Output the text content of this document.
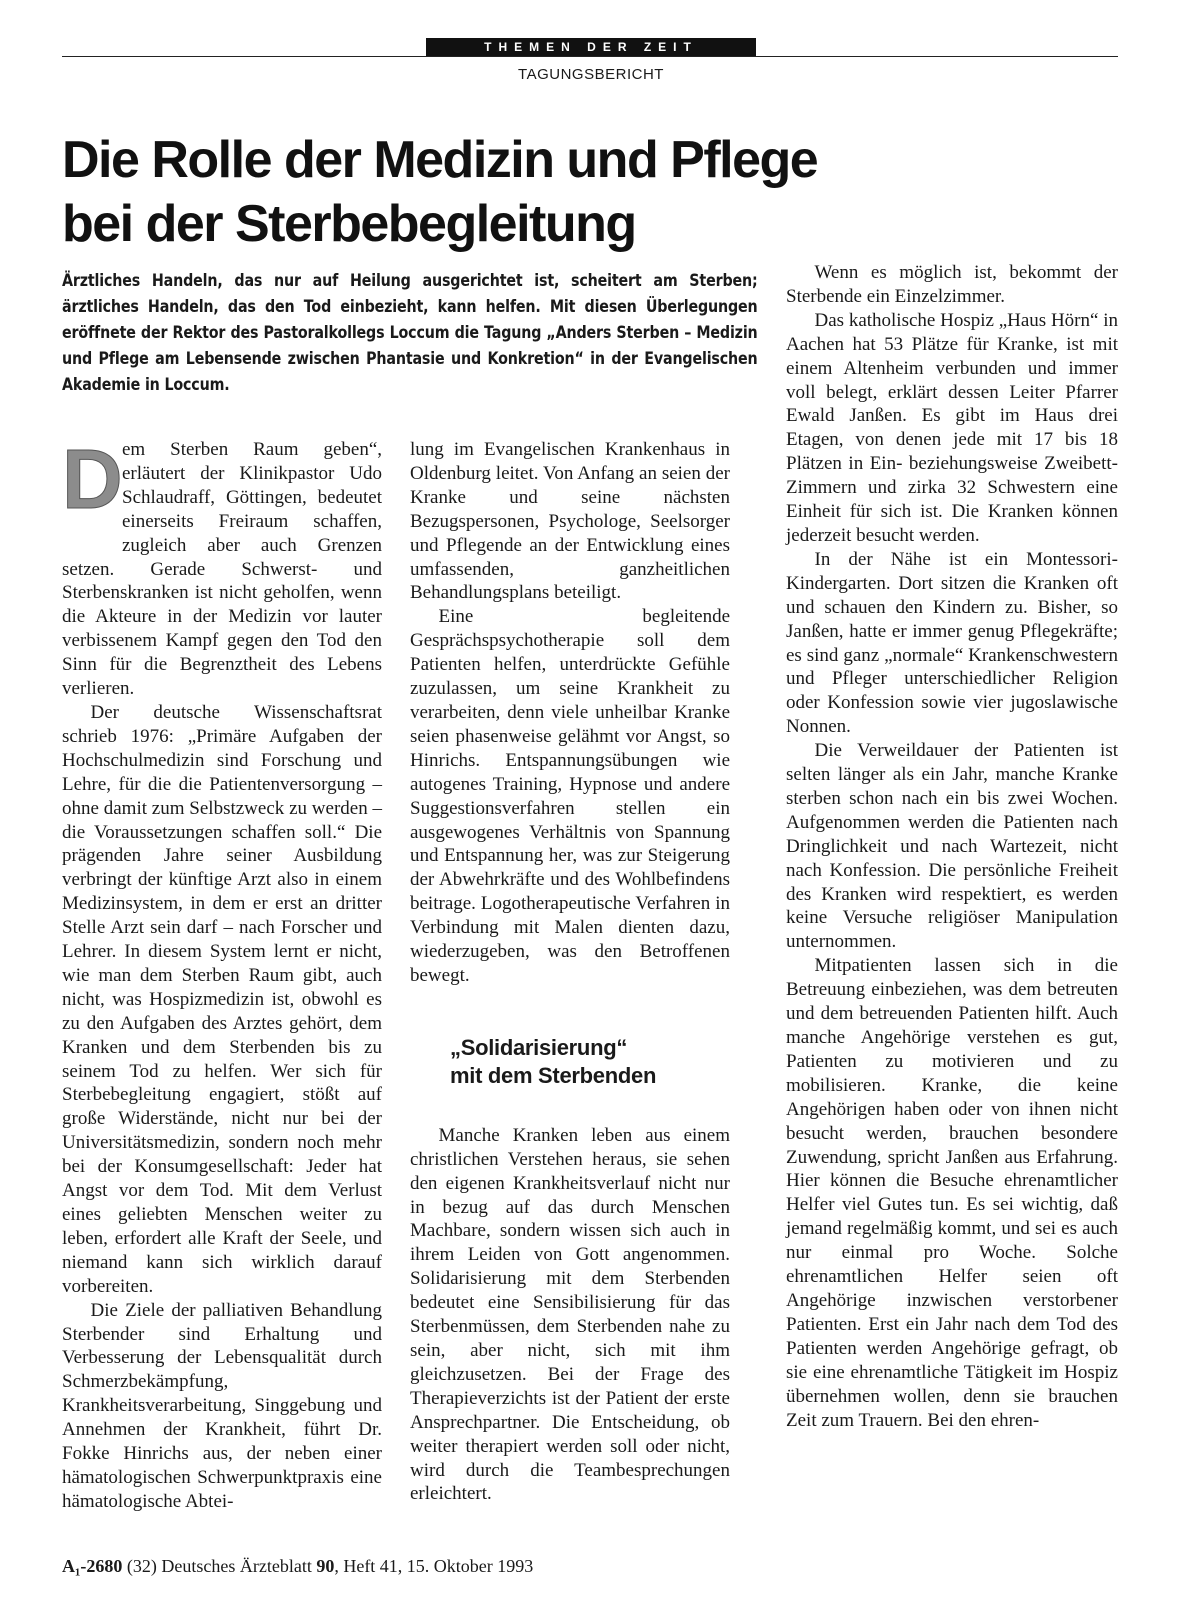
THEMEN DER ZEIT
TAGUNGSBERICHT
Die Rolle der Medizin und Pflege
bei der Sterbebegleitung

Ärztliches Handeln, das nur auf Heilung ausgerichtet ist, scheitert am Sterben; ärztliches Handeln, das den Tod einbezieht, kann helfen. Mit diesen Überlegungen eröffnete der Rektor des Pastoralkollegs Loccum die Tagung „Anders Sterben – Medizin und Pflege am Lebensende zwischen Phantasie und Konkretion“ in der Evangelischen Akademie in Loccum.

D em Sterben Raum geben“, erläutert der Klinikpastor Udo Schlaudraff, Göttingen, bedeutet einerseits Freiraum schaffen, zugleich aber auch Grenzen setzen. Gerade Schwerst- und Sterbenskranken ist nicht geholfen, wenn die Akteure in der Medizin vor lauter verbissenem Kampf gegen den Tod den Sinn für die Begrenztheit des Lebens verlieren.

Der deutsche Wissenschaftsrat schrieb 1976: „Primäre Aufgaben der Hochschulmedizin sind Forschung und Lehre, für die die Patientenversorgung – ohne damit zum Selbstzweck zu werden – die Voraussetzungen schaffen soll.“ Die prägenden Jahre seiner Ausbildung verbringt der künftige Arzt also in einem Medizinsystem, in dem er erst an dritter Stelle Arzt sein darf – nach Forscher und Lehrer. In diesem System lernt er nicht, wie man dem Sterben Raum gibt, auch nicht, was Hospizmedizin ist, obwohl es zu den Aufgaben des Arztes gehört, dem Kranken und dem Sterbenden bis zu seinem Tod zu helfen. Wer sich für Sterbebegleitung engagiert, stößt auf große Widerstände, nicht nur bei der Universitätsmedizin, sondern noch mehr bei der Konsumgesellschaft: Jeder hat Angst vor dem Tod. Mit dem Verlust eines geliebten Menschen weiter zu leben, erfordert alle Kraft der Seele, und niemand kann sich wirklich darauf vorbereiten.

Die Ziele der palliativen Behandlung Sterbender sind Erhaltung und Verbesserung der Lebensqualität durch Schmerzbekämpfung, Krankheitsverarbeitung, Singgebung und Annehmen der Krankheit, führt Dr. Fokke Hinrichs aus, der neben einer hämatologischen Schwerpunktpraxis eine hämatologische Abtei-

lung im Evangelischen Krankenhaus in Oldenburg leitet. Von Anfang an seien der Kranke und seine nächsten Bezugspersonen, Psychologe, Seelsorger und Pflegende an der Entwicklung eines umfassenden, ganzheitlichen Behandlungsplans beteiligt.

Eine begleitende Gesprächspsychotherapie soll dem Patienten helfen, unterdrückte Gefühle zuzulassen, um seine Krankheit zu verarbeiten, denn viele unheilbar Kranke seien phasenweise gelähmt vor Angst, so Hinrichs. Entspannungsübungen wie autogenes Training, Hypnose und andere Suggestionsverfahren stellen ein ausgewogenes Verhältnis von Spannung und Entspannung her, was zur Steigerung der Abwehrkräfte und des Wohlbefindens beitrage. Logotherapeutische Verfahren in Verbindung mit Malen dienten dazu, wiederzugeben, was den Betroffenen bewegt.

„Solidarisierung“
mit dem Sterbenden

Manche Kranken leben aus einem christlichen Verstehen heraus, sie sehen den eigenen Krankheitsverlauf nicht nur in bezug auf das durch Menschen Machbare, sondern wissen sich auch in ihrem Leiden von Gott angenommen. Solidarisierung mit dem Sterbenden bedeutet eine Sensibilisierung für das Sterbenmüssen, dem Sterbenden nahe zu sein, aber nicht, sich mit ihm gleichzusetzen. Bei der Frage des Therapieverzichts ist der Patient der erste Ansprechpartner. Die Entscheidung, ob weiter therapiert werden soll oder nicht, wird durch die Teambesprechungen erleichtert.

Wenn es möglich ist, bekommt der Sterbende ein Einzelzimmer.

Das katholische Hospiz „Haus Hörn“ in Aachen hat 53 Plätze für Kranke, ist mit einem Altenheim verbunden und immer voll belegt, erklärt dessen Leiter Pfarrer Ewald Janßen. Es gibt im Haus drei Etagen, von denen jede mit 17 bis 18 Plätzen in Ein- beziehungsweise Zweibett-Zimmern und zirka 32 Schwestern eine Einheit für sich ist. Die Kranken können jederzeit besucht werden.

In der Nähe ist ein Montessori-Kindergarten. Dort sitzen die Kranken oft und schauen den Kindern zu. Bisher, so Janßen, hatte er immer genug Pflegekräfte; es sind ganz „normale“ Krankenschwestern und Pfleger unterschiedlicher Religion oder Konfession sowie vier jugoslawische Nonnen.

Die Verweildauer der Patienten ist selten länger als ein Jahr, manche Kranke sterben schon nach ein bis zwei Wochen. Aufgenommen werden die Patienten nach Dringlichkeit und nach Wartezeit, nicht nach Konfession. Die persönliche Freiheit des Kranken wird respektiert, es werden keine Versuche religiöser Manipulation unternommen.

Mitpatienten lassen sich in die Betreuung einbeziehen, was dem betreuten und dem betreuenden Patienten hilft. Auch manche Angehörige verstehen es gut, Patienten zu motivieren und zu mobilisieren. Kranke, die keine Angehörigen haben oder von ihnen nicht besucht werden, brauchen besondere Zuwendung, spricht Janßen aus Erfahrung. Hier können die Besuche ehrenamtlicher Helfer viel Gutes tun. Es sei wichtig, daß jemand regelmäßig kommt, und sei es auch nur einmal pro Woche. Solche ehrenamtlichen Helfer seien oft Angehörige inzwischen verstorbener Patienten. Erst ein Jahr nach dem Tod des Patienten werden Angehörige gefragt, ob sie eine ehrenamtliche Tätigkeit im Hospiz übernehmen wollen, denn sie brauchen Zeit zum Trauern. Bei den ehren-

A₁-2680 (32) Deutsches Ärzteblatt 90, Heft 41, 15. Oktober 1993
